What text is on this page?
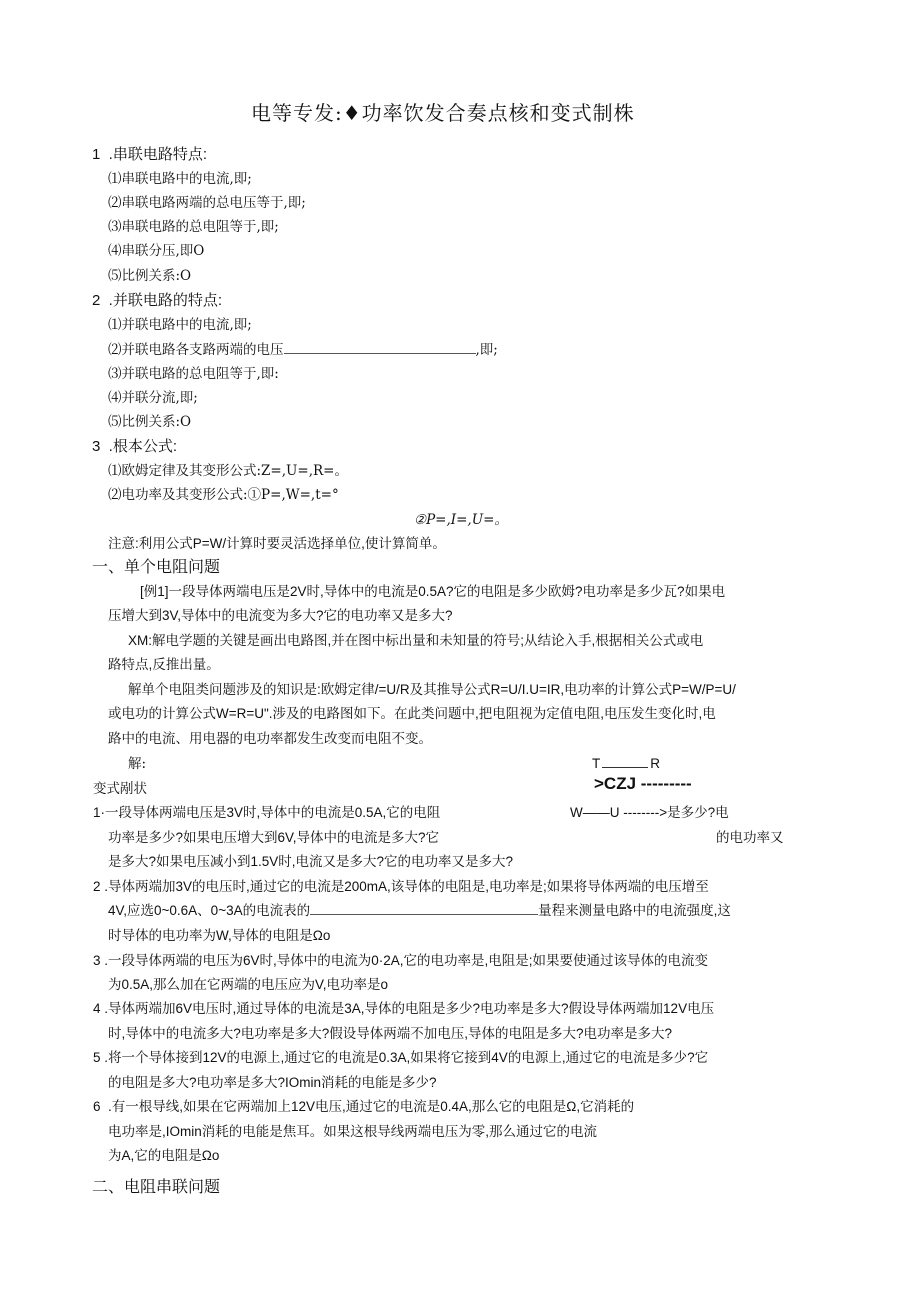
电等专发:♦功率饮发合奏点核和变式制株
1  .串联电路特点:
⑴串联电路中的电流,即;
⑵串联电路两端的总电压等于,即;
⑶串联电路的总电阻等于,即;
⑷串联分压,即O
⑸比例关系:O
2  .并联电路的特点:
⑴并联电路中的电流,即;
⑵并联电路各支路两端的电压	,即;
⑶并联电路的总电阻等于,即:
⑷并联分流,即;
⑸比例关系:O
3  .根本公式:
⑴欧姆定律及其变形公式:Z=,U=,R=。
⑵电功率及其变形公式:①P=,W=,t=°
②P=,I=,U=。
注意:利用公式P=W/计算时要灵活选择单位,使计算简单。
一、单个电阻问题
[例1]一段导体两端电压是2V时,导体中的电流是0.5A?它的电阻是多少欧姆?电功率是多少瓦?如果电
压增大到3V,导体中的电流变为多大?它的电功率又是多大?
XM:解电学题的关键是画出电路图,并在图中标出量和未知量的符号;从结论入手,根据相关公式或电
路特点,反推出量。
解单个电阻类问题涉及的知识是:欧姆定律/=U/R及其推导公式R=U/I.U=IR,电功率的计算公式P=W/P=U/
或电功的计算公式W=R=U".涉及的电路图如下。在此类问题中,把电阻视为定值电阻,电压发生变化时,电
路中的电流、用电器的电功率都发生改变而电阻不变。
解:	T	R
>CZJ ---------
变式剐状
1·一段导体两端电压是3V时,导体中的电流是0.5A,它的电阻	W——U -------->是多少?电
功率是多少?如果电压增大到6V,导体中的电流是多大?它	的电功率又
是多大?如果电压减小到1.5V时,电流又是多大?它的电功率又是多大?
2 .导体两端加3V的电压时,通过它的电流是200mA,该导体的电阻是,电功率是;如果将导体两端的电压增至
4V,应选0~0.6A、0~3A的电流表的	量程来测量电路中的电流强度,这
时导体的电功率为W,导体的电阻是Ωo
3 .一段导体两端的电压为6V时,导体中的电流为0·2A,它的电功率是,电阻是;如果要使通过该导体的电流变
为0.5A,那么加在它两端的电压应为V,电功率是o
4 .导体两端加6V电压时,通过导体的电流是3A,导体的电阻是多少?电功率是多大?假设导体两端加12V电压
时,导体中的电流多大?电功率是多大?假设导体两端不加电压,导体的电阻是多大?电功率是多大?
5 .将一个导体接到12V的电源上,通过它的电流是0.3A,如果将它接到4V的电源上,通过它的电流是多少?它
的电阻是多大?电功率是多大?IOmin消耗的电能是多少?
6  .有一根导线,如果在它两端加上12V电压,通过它的电流是0.4A,那么它的电阻是Ω,它消耗的
电功率是,IOmin消耗的电能是焦耳。如果这根导线两端电压为零,那么通过它的电流
为A,它的电阻是Ωo
二、电阻串联问题
